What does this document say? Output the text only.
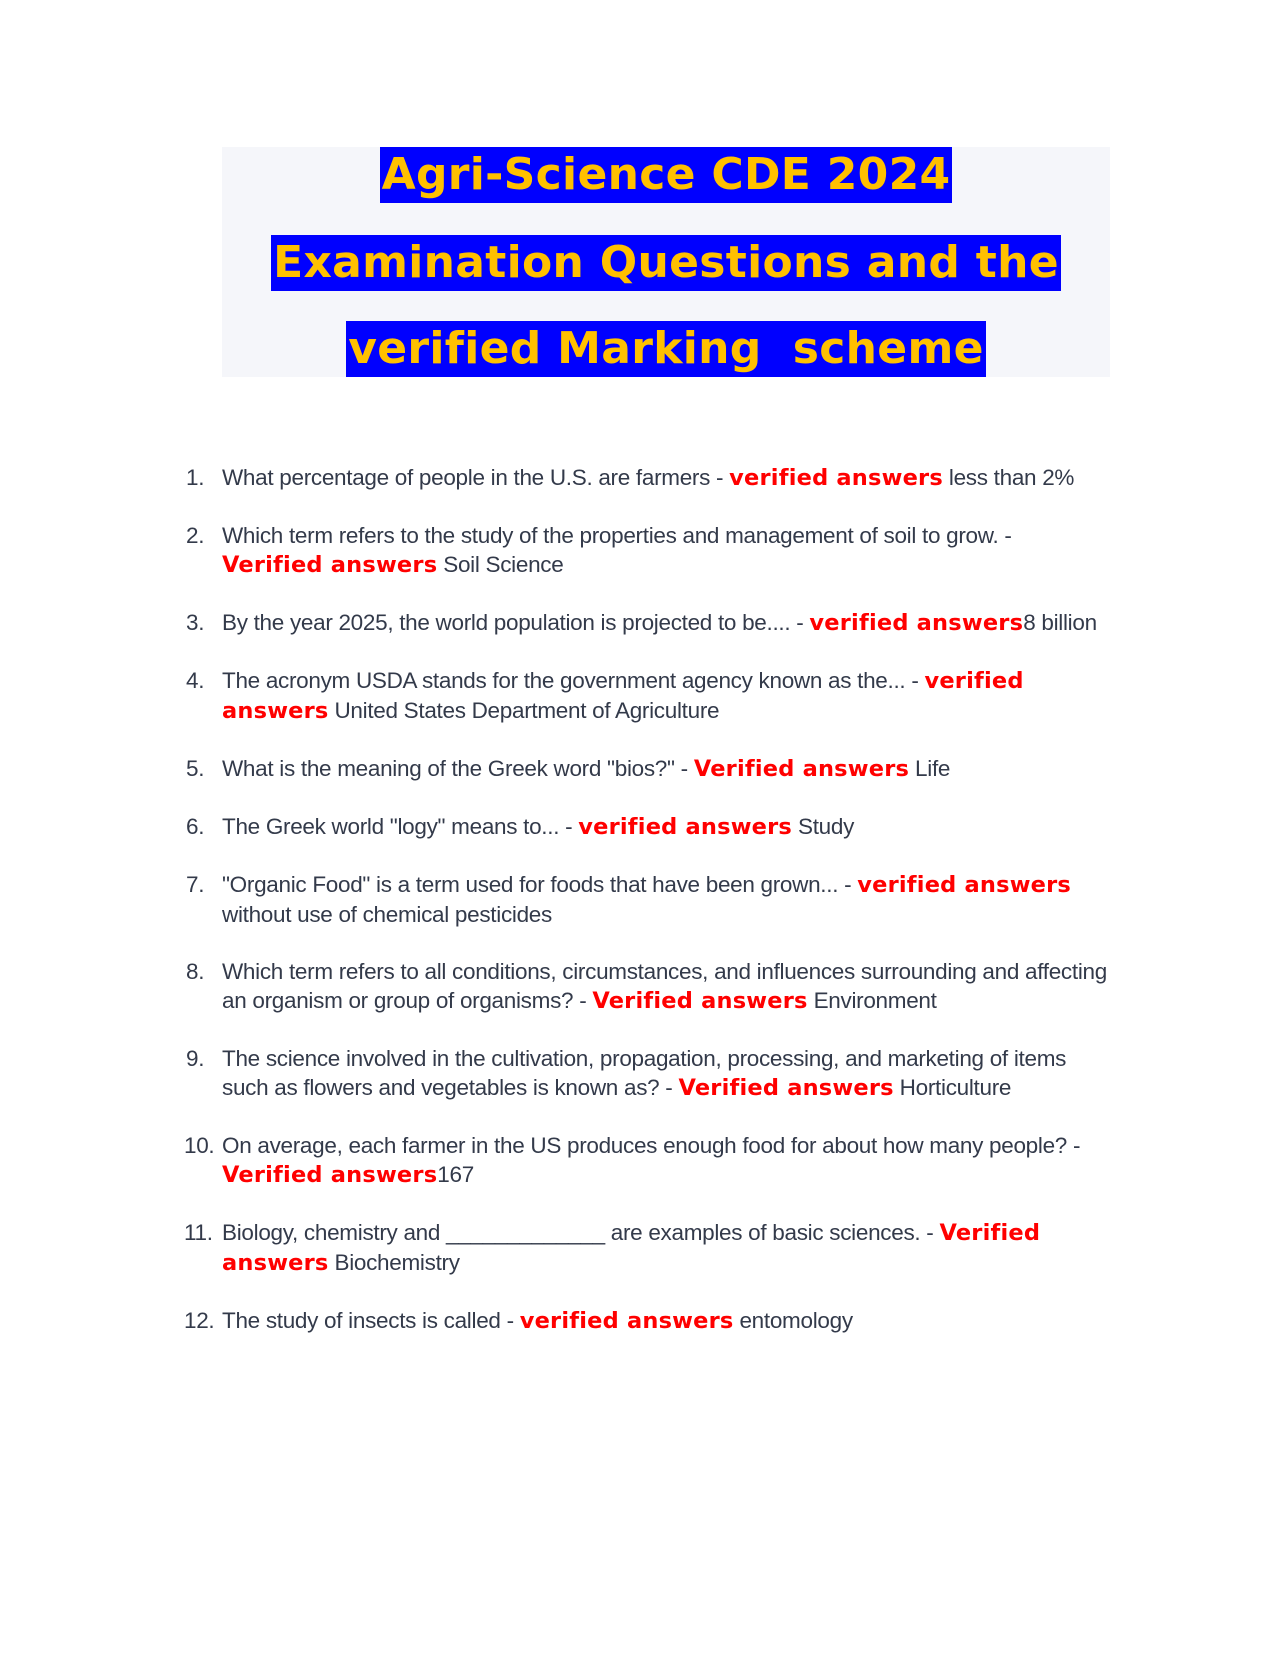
Agri-Science CDE 2024
Examination Questions and the
verified Marking  scheme
1. What percentage of people in the U.S. are farmers - verified answers less than 2%
2. Which term refers to the study of the properties and management of soil to grow. - Verified answers Soil Science
3. By the year 2025, the world population is projected to be.... - verified answers8 billion
4. The acronym USDA stands for the government agency known as the... - verified answers United States Department of Agriculture
5. What is the meaning of the Greek word "bios?" - Verified answers Life
6. The Greek world "logy" means to... - verified answers Study
7. "Organic Food" is a term used for foods that have been grown... - verified answers without use of chemical pesticides
8. Which term refers to all conditions, circumstances, and influences surrounding and affecting an organism or group of organisms? - Verified answers Environment
9. The science involved in the cultivation, propagation, processing, and marketing of items such as flowers and vegetables is known as? - Verified answers Horticulture
10. On average, each farmer in the US produces enough food for about how many people? - Verified answers167
11. Biology, chemistry and _____________ are examples of basic sciences. - Verified answers Biochemistry
12. The study of insects is called - verified answers entomology
